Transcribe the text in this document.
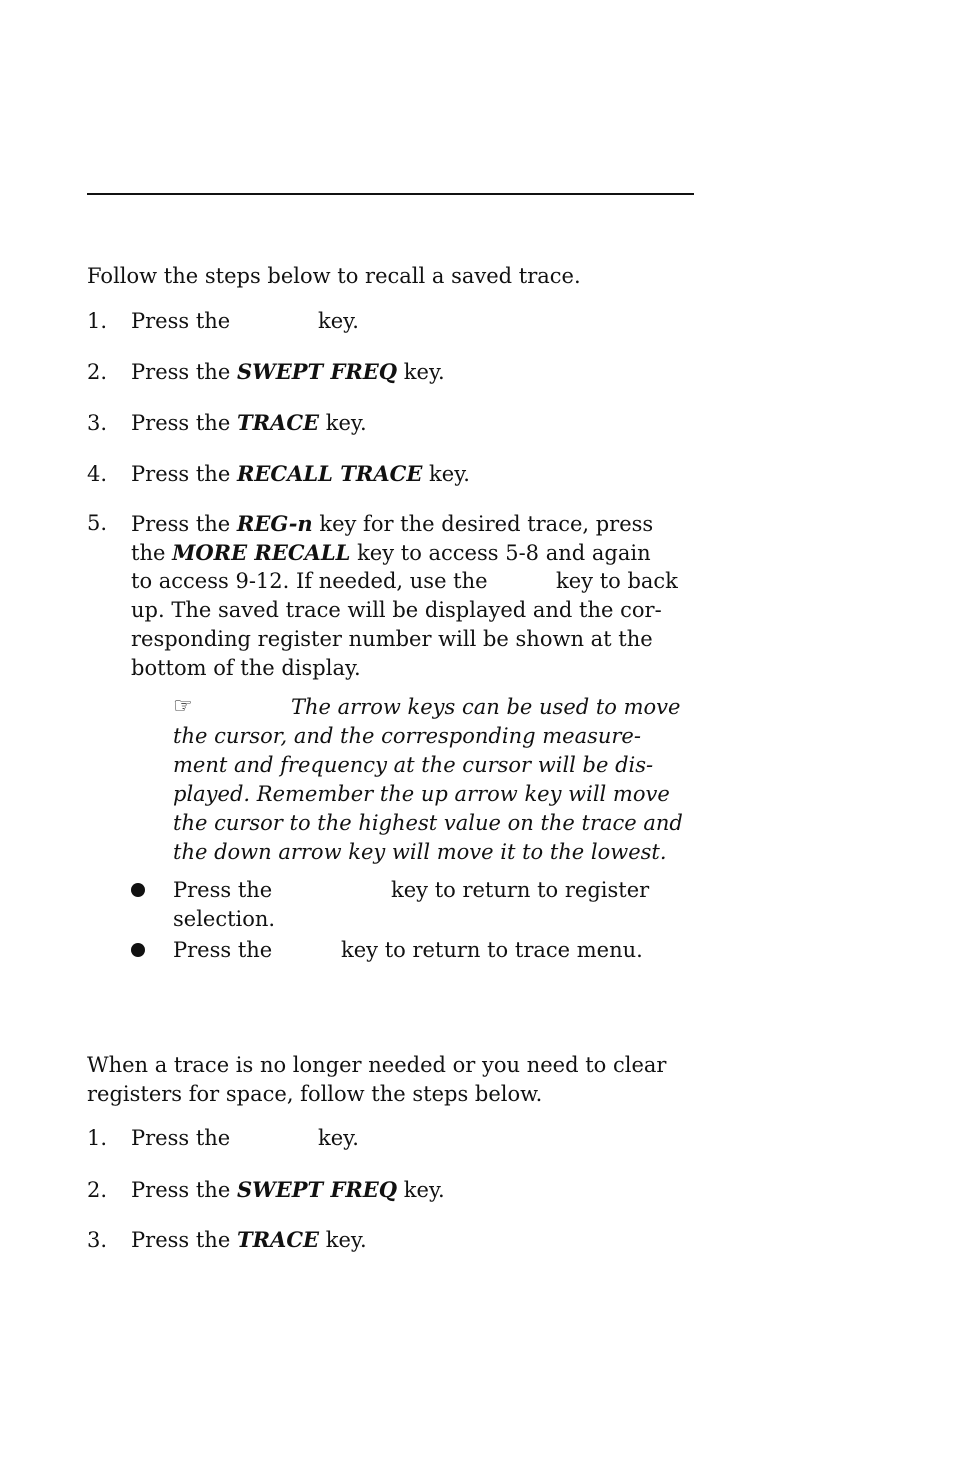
Follow the steps below to recall a saved trace.
1. Press the	key.
2. Press the SWEPT FREQ key.
3. Press the TRACE key.
4. Press the RECALL TRACE key.
5. Press the REG-n key for the desired trace, press
the MORE RECALL key to access 5-8 and again
to access 9-12. If needed, use the	key to back
up. The saved trace will be displayed and the cor-
responding register number will be shown at the
bottom of the display.
☞	The arrow keys can be used to move
the cursor, and the corresponding measure-
ment and frequency at the cursor will be dis-
played. Remember the up arrow key will move
the cursor to the highest value on the trace and
the down arrow key will move it to the lowest.
Press the	key to return to register
selection.
Press the	key to return to trace menu.
When a trace is no longer needed or you need to clear
registers for space, follow the steps below.
1. Press the	key.
2. Press the SWEPT FREQ key.
3. Press the TRACE key.
